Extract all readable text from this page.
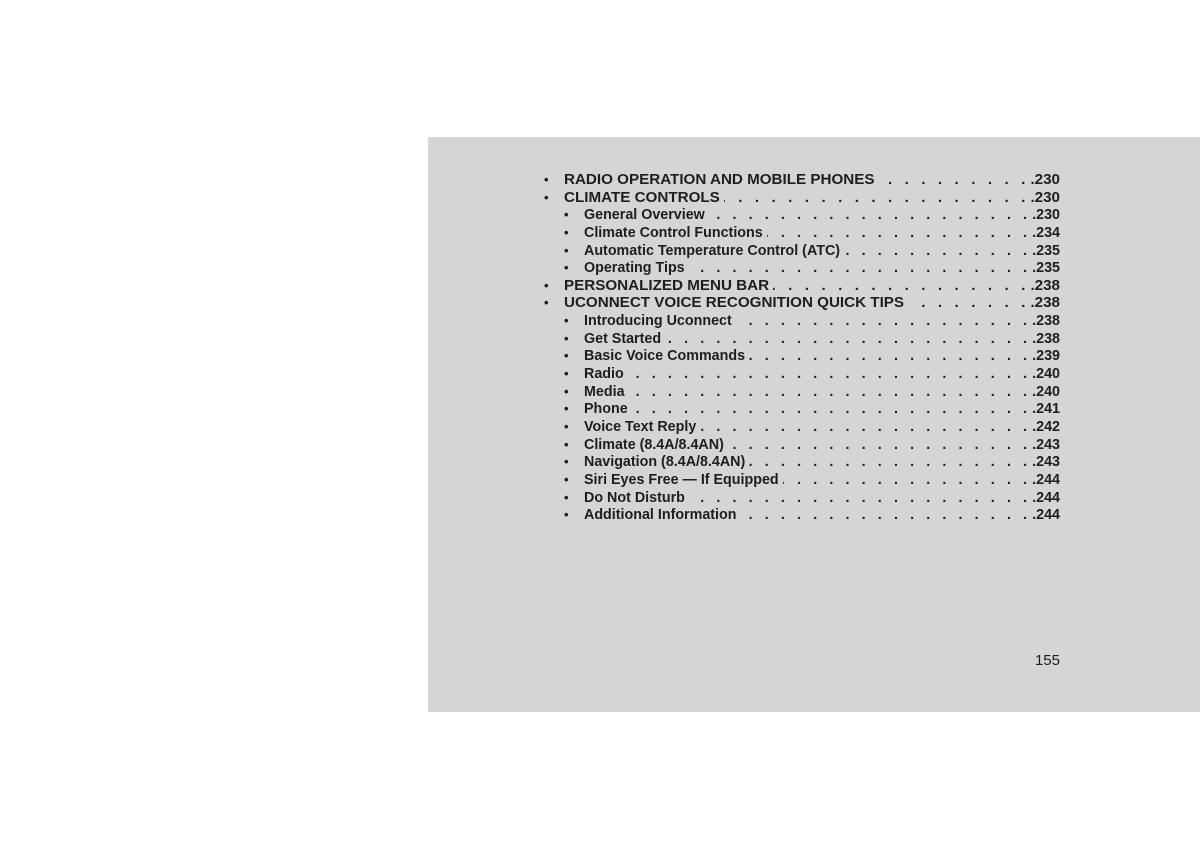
•	RADIO OPERATION AND MOBILE PHONES . . .	.230
•	CLIMATE CONTROLS . . .	.230
•	General Overview . . .	.230
•	Climate Control Functions . . .	.234
•	Automatic Temperature Control (ATC) . . .	.235
•	Operating Tips . . .	.235
•	PERSONALIZED MENU BAR . . .	.238
•	UCONNECT VOICE RECOGNITION QUICK TIPS . . .	.238
•	Introducing Uconnect . . .	.238
•	Get Started . . .	.238
•	Basic Voice Commands . . .	.239
•	Radio . . .	.240
•	Media . . .	.240
•	Phone . . .	.241
•	Voice Text Reply . . .	.242
•	Climate (8.4A/8.4AN) . . .	.243
•	Navigation (8.4A/8.4AN) . . .	.243
•	Siri Eyes Free — If Equipped . . .	.244
•	Do Not Disturb . . .	.244
•	Additional Information . . .	.244
155
